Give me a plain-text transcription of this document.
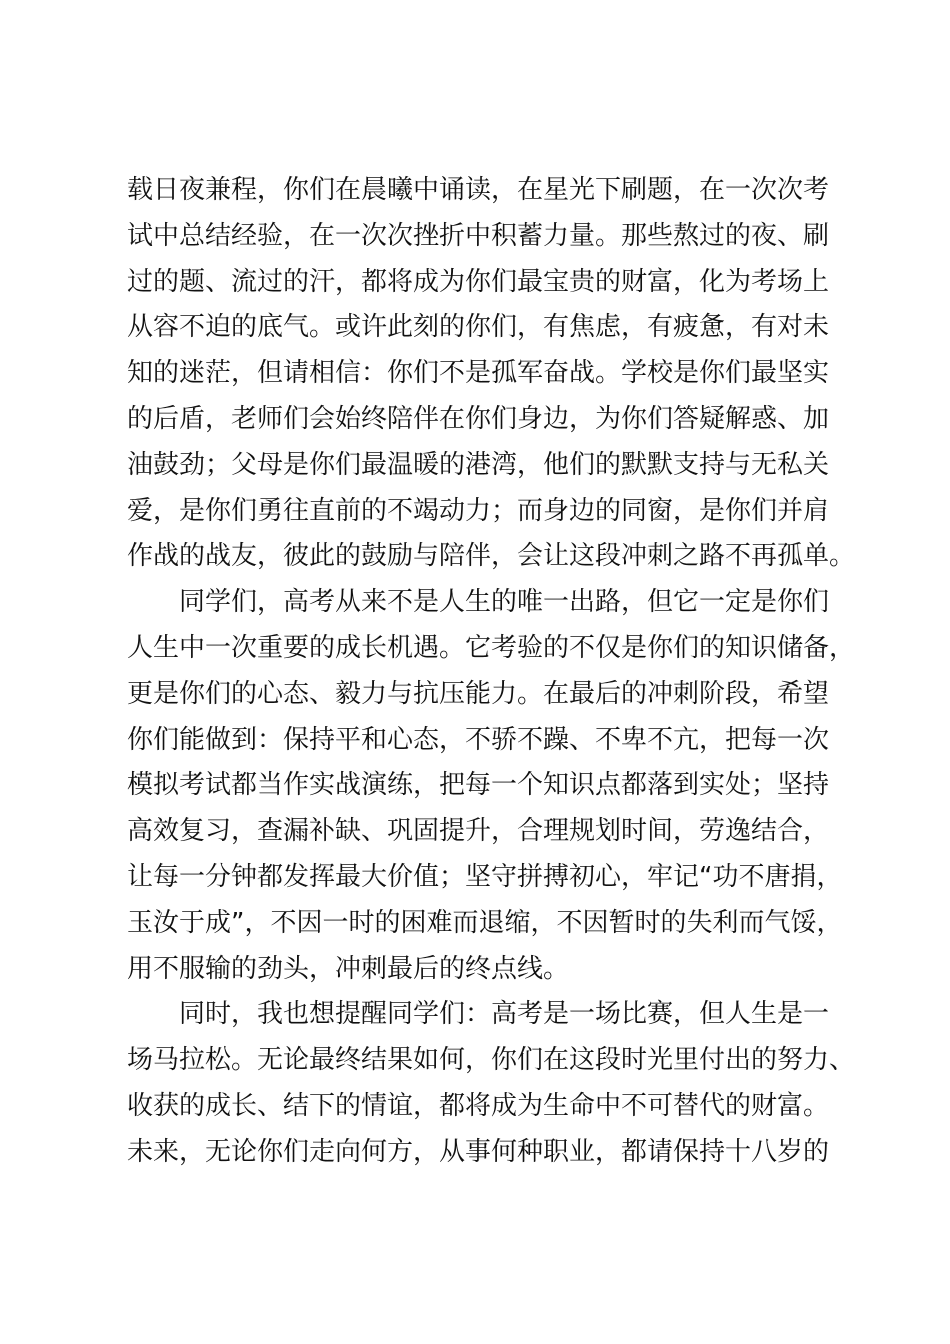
载日夜兼程，你们在晨曦中诵读，在星光下刷题，在一次次考
试中总结经验，在一次次挫折中积蓄力量。那些熬过的夜、刷
过的题、流过的汗，都将成为你们最宝贵的财富，化为考场上
从容不迫的底气。或许此刻的你们，有焦虑，有疲惫，有对未
知的迷茫，但请相信：你们不是孤军奋战。学校是你们最坚实
的后盾，老师们会始终陪伴在你们身边，为你们答疑解惑、加
油鼓劲；父母是你们最温暖的港湾，他们的默默支持与无私关
爱，是你们勇往直前的不竭动力；而身边的同窗，是你们并肩
作战的战友，彼此的鼓励与陪伴，会让这段冲刺之路不再孤单。
同学们，高考从来不是人生的唯一出路，但它一定是你们
人生中一次重要的成长机遇。它考验的不仅是你们的知识储备，
更是你们的心态、毅力与抗压能力。在最后的冲刺阶段，希望
你们能做到：保持平和心态，不骄不躁、不卑不亢，把每一次
模拟考试都当作实战演练，把每一个知识点都落到实处；坚持
高效复习，查漏补缺、巩固提升，合理规划时间，劳逸结合，
让每一分钟都发挥最大价值；坚守拼搏初心，牢记“功不唐捐，
玉汝于成”，不因一时的困难而退缩，不因暂时的失利而气馁，
用不服输的劲头，冲刺最后的终点线。
同时，我也想提醒同学们：高考是一场比赛，但人生是一
场马拉松。无论最终结果如何，你们在这段时光里付出的努力、
收获的成长、结下的情谊，都将成为生命中不可替代的财富。
未来，无论你们走向何方，从事何种职业，都请保持十八岁的
